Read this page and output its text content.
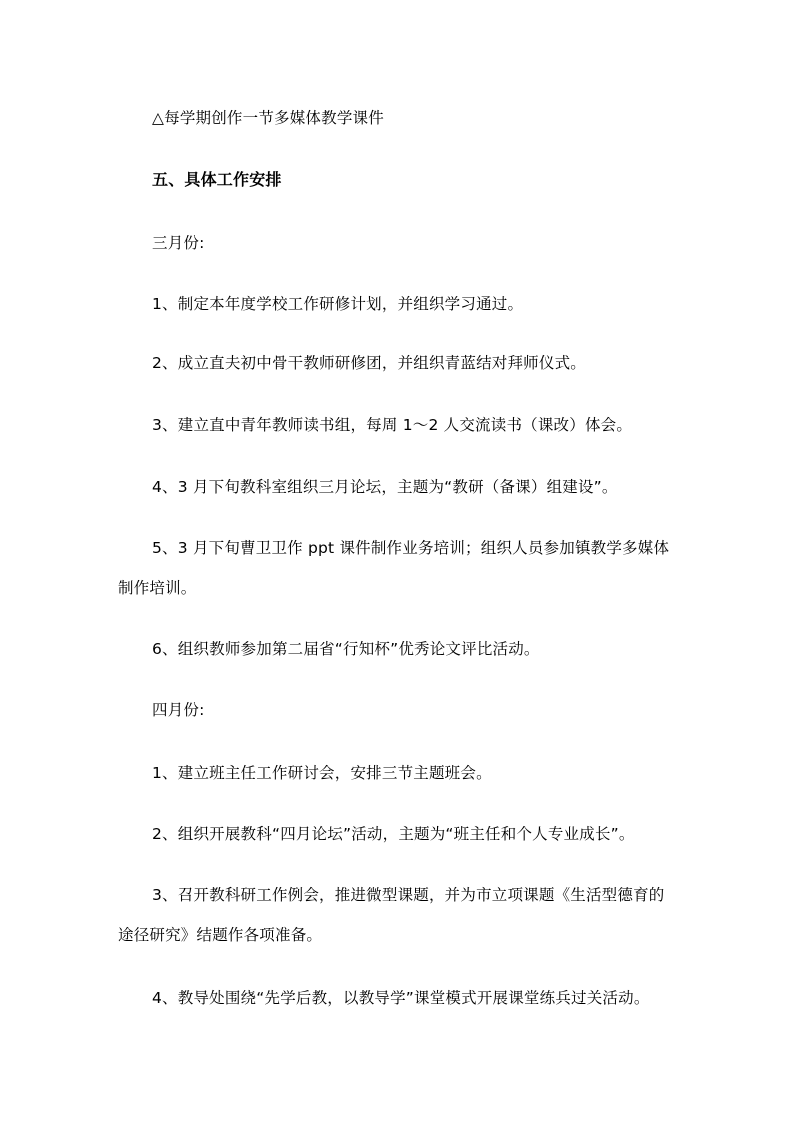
△每学期创作一节多媒体教学课件
五、具体工作安排
三月份:
1、制定本年度学校工作研修计划，并组织学习通过。
2、成立直夫初中骨干教师研修团，并组织青蓝结对拜师仪式。
3、建立直中青年教师读书组，每周 1～2 人交流读书（课改）体会。
4、3 月下旬教科室组织三月论坛，主题为“教研（备课）组建设”。
5、3 月下旬曹卫卫作 ppt 课件制作业务培训；组织人员参加镇教学多媒体
制作培训。
6、组织教师参加第二届省“行知杯”优秀论文评比活动。
四月份:
1、建立班主任工作研讨会，安排三节主题班会。
2、组织开展教科“四月论坛”活动，主题为“班主任和个人专业成长”。
3、召开教科研工作例会，推进微型课题，并为市立项课题《生活型德育的
途径研究》结题作各项准备。
4、教导处围绕“先学后教，以教导学”课堂模式开展课堂练兵过关活动。
